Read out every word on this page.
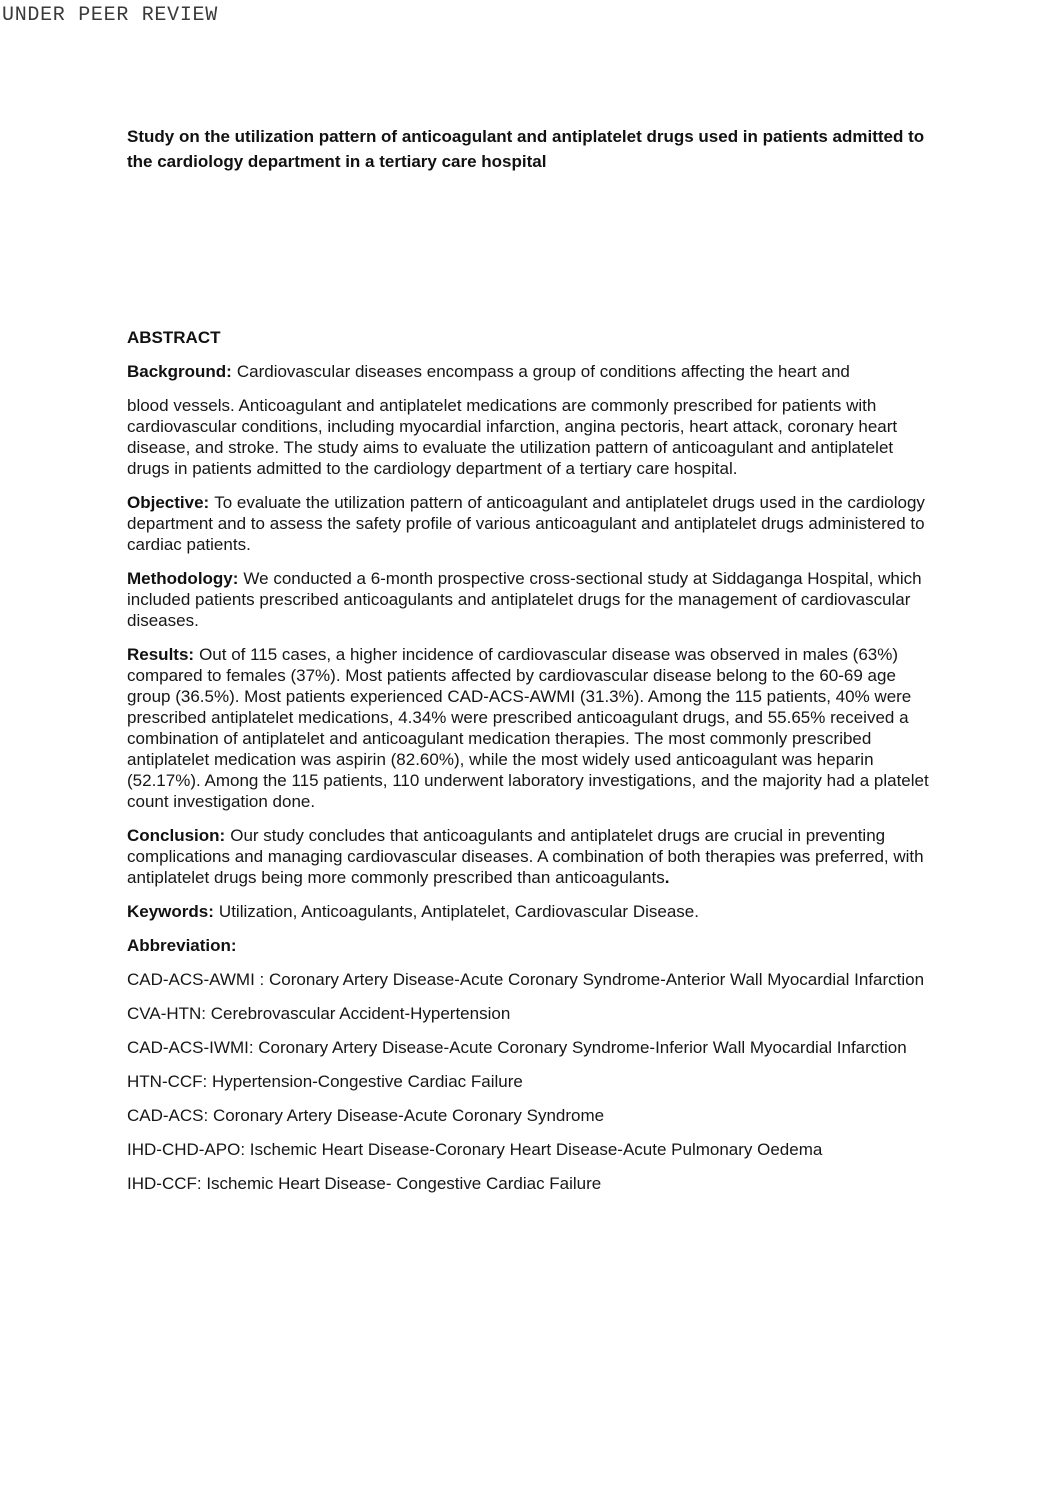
UNDER PEER REVIEW
Study on the utilization pattern of anticoagulant and antiplatelet drugs used in patients admitted to the cardiology department in a tertiary care hospital
ABSTRACT

Background: Cardiovascular diseases encompass a group of conditions affecting the heart and

blood vessels. Anticoagulant and antiplatelet medications are commonly prescribed for patients with cardiovascular conditions, including myocardial infarction, angina pectoris, heart attack, coronary heart disease, and stroke. The study aims to evaluate the utilization pattern of anticoagulant and antiplatelet drugs in patients admitted to the cardiology department of a tertiary care hospital.

Objective: To evaluate the utilization pattern of anticoagulant and antiplatelet drugs used in the cardiology department and to assess the safety profile of various anticoagulant and antiplatelet drugs administered to cardiac patients.

Methodology: We conducted a 6-month prospective cross-sectional study at Siddaganga Hospital, which included patients prescribed anticoagulants and antiplatelet drugs for the management of cardiovascular diseases.

Results: Out of 115 cases, a higher incidence of cardiovascular disease was observed in males (63%) compared to females (37%). Most patients affected by cardiovascular disease belong to the 60-69 age group (36.5%). Most patients experienced CAD-ACS-AWMI (31.3%). Among the 115 patients, 40% were prescribed antiplatelet medications, 4.34% were prescribed anticoagulant drugs, and 55.65% received a combination of antiplatelet and anticoagulant medication therapies. The most commonly prescribed antiplatelet medication was aspirin (82.60%), while the most widely used anticoagulant was heparin (52.17%). Among the 115 patients, 110 underwent laboratory investigations, and the majority had a platelet count investigation done.

Conclusion: Our study concludes that anticoagulants and antiplatelet drugs are crucial in preventing complications and managing cardiovascular diseases. A combination of both therapies was preferred, with antiplatelet drugs being more commonly prescribed than anticoagulants.

Keywords: Utilization, Anticoagulants, Antiplatelet, Cardiovascular Disease.

Abbreviation:

CAD-ACS-AWMI : Coronary Artery Disease-Acute Coronary Syndrome-Anterior Wall Myocardial Infarction

CVA-HTN: Cerebrovascular Accident-Hypertension

CAD-ACS-IWMI: Coronary Artery Disease-Acute Coronary Syndrome-Inferior Wall Myocardial Infarction

HTN-CCF: Hypertension-Congestive Cardiac Failure

CAD-ACS: Coronary Artery Disease-Acute Coronary Syndrome

IHD-CHD-APO: Ischemic Heart Disease-Coronary Heart Disease-Acute Pulmonary Oedema

IHD-CCF: Ischemic Heart Disease- Congestive Cardiac Failure
